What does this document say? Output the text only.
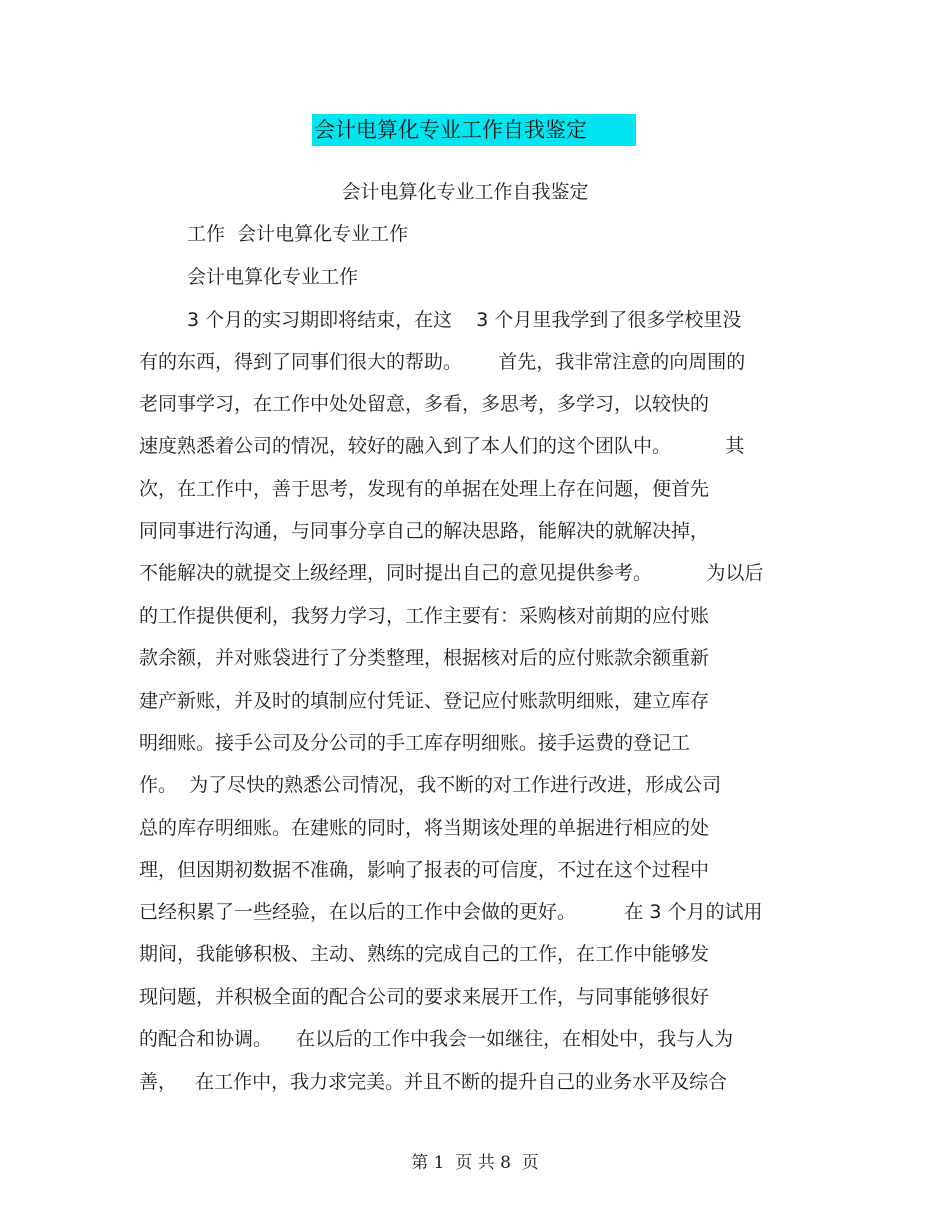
会计电算化专业工作自我鉴定
会计电算化专业工作自我鉴定
工作  会计电算化专业工作
会计电算化专业工作
3 个月的实习期即将结束，在这    3 个月里我学到了很多学校里没
有的东西，得到了同事们很大的帮助。      首先，我非常注意的向周围的
老同事学习，在工作中处处留意，多看，多思考，多学习，以较快的
速度熟悉着公司的情况，较好的融入到了本人们的这个团队中。         其
次，在工作中，善于思考，发现有的单据在处理上存在问题，便首先
同同事进行沟通，与同事分享自己的解决思路，能解决的就解决掉，
不能解决的就提交上级经理，同时提出自己的意见提供参考。         为以后
的工作提供便利，我努力学习，工作主要有：采购核对前期的应付账
款余额，并对账袋进行了分类整理，根据核对后的应付账款余额重新
建产新账，并及时的填制应付凭证、登记应付账款明细账，建立库存
明细账。接手公司及分公司的手工库存明细账。接手运费的登记工
作。  为了尽快的熟悉公司情况，我不断的对工作进行改进，形成公司
总的库存明细账。在建账的同时，将当期该处理的单据进行相应的处
理，但因期初数据不准确，影响了报表的可信度，不过在这个过程中
已经积累了一些经验，在以后的工作中会做的更好。        在 3 个月的试用
期间，我能够积极、主动、熟练的完成自己的工作，在工作中能够发
现问题，并积极全面的配合公司的要求来展开工作，与同事能够很好
的配合和协调。    在以后的工作中我会一如继往，在相处中，我与人为
善，   在工作中，我力求完美。并且不断的提升自己的业务水平及综合
第 1  页 共 8  页
